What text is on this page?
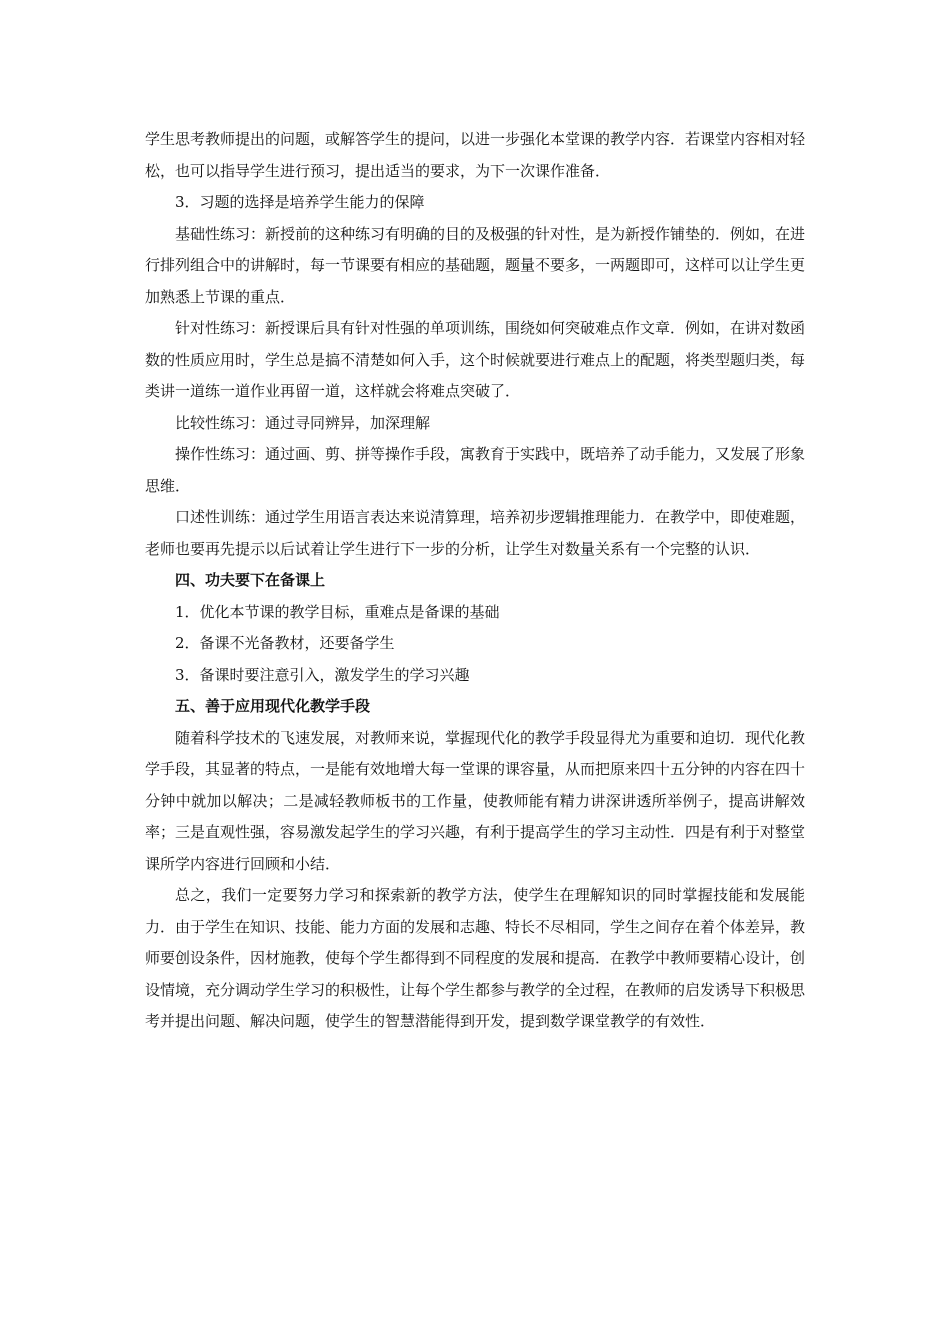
学生思考教师提出的问题，或解答学生的提问，以进一步强化本堂课的教学内容．若课堂内容相对轻松，也可以指导学生进行预习，提出适当的要求，为下一次课作准备．

3．习题的选择是培养学生能力的保障

基础性练习：新授前的这种练习有明确的目的及极强的针对性，是为新授作铺垫的．例如，在进行排列组合中的讲解时，每一节课要有相应的基础题，题量不要多，一两题即可，这样可以让学生更加熟悉上节课的重点．

针对性练习：新授课后具有针对性强的单项训练，围绕如何突破难点作文章．例如，在讲对数函数的性质应用时，学生总是搞不清楚如何入手，这个时候就要进行难点上的配题，将类型题归类，每类讲一道练一道作业再留一道，这样就会将难点突破了．

比较性练习：通过寻同辨异，加深理解

操作性练习：通过画、剪、拼等操作手段，寓教育于实践中，既培养了动手能力，又发展了形象思维．

口述性训练：通过学生用语言表达来说清算理，培养初步逻辑推理能力．在教学中，即使难题，老师也要再先提示以后试着让学生进行下一步的分析，让学生对数量关系有一个完整的认识．

四、功夫要下在备课上

1．优化本节课的教学目标，重难点是备课的基础

2．备课不光备教材，还要备学生

3．备课时要注意引入，激发学生的学习兴趣

五、善于应用现代化教学手段

随着科学技术的飞速发展，对教师来说，掌握现代化的教学手段显得尤为重要和迫切．现代化教学手段，其显著的特点，一是能有效地增大每一堂课的课容量，从而把原来四十五分钟的内容在四十分钟中就加以解决；二是减轻教师板书的工作量，使教师能有精力讲深讲透所举例子，提高讲解效率；三是直观性强，容易激发起学生的学习兴趣，有利于提高学生的学习主动性．四是有利于对整堂课所学内容进行回顾和小结．

总之，我们一定要努力学习和探索新的教学方法，使学生在理解知识的同时掌握技能和发展能力．由于学生在知识、技能、能力方面的发展和志趣、特长不尽相同，学生之间存在着个体差异，教师要创设条件，因材施教，使每个学生都得到不同程度的发展和提高．在教学中教师要精心设计，创设情境，充分调动学生学习的积极性，让每个学生都参与教学的全过程，在教师的启发诱导下积极思考并提出问题、解决问题，使学生的智慧潜能得到开发，提到数学课堂教学的有效性．
